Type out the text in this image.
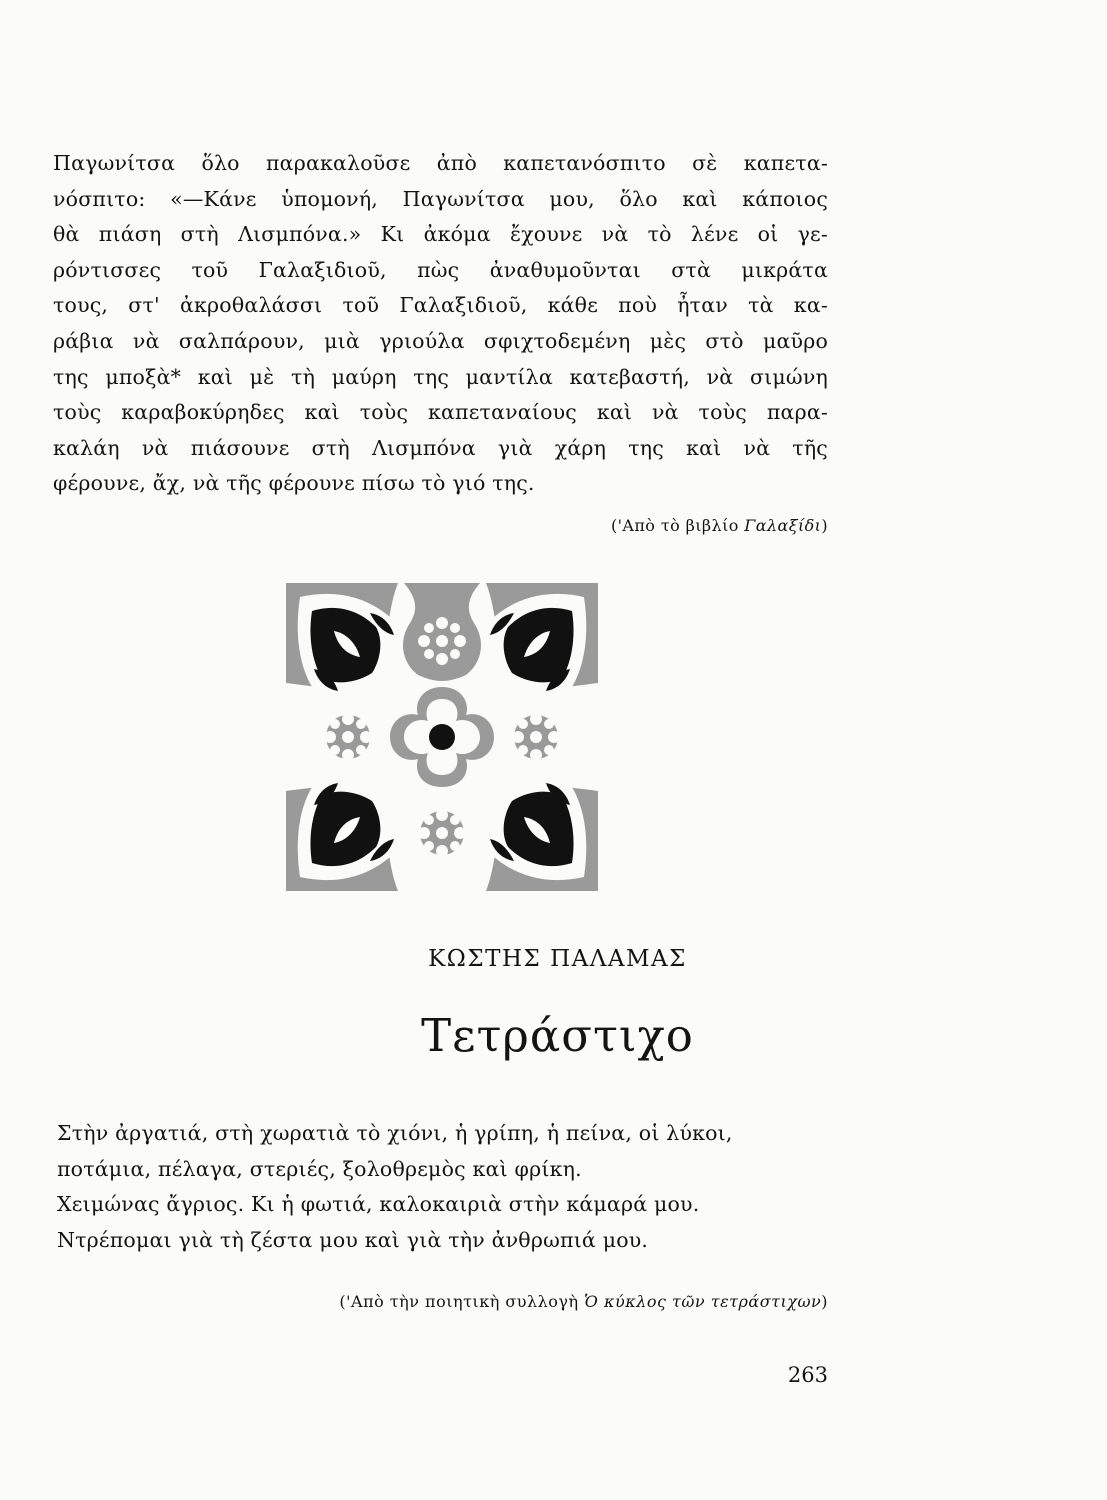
Παγωνίτσα ὅλο παρακαλοῦσε ἀπὸ καπετανόσπιτο σὲ καπετα-
νόσπιτο: «—Κάνε ὑπομονή, Παγωνίτσα μου, ὅλο καὶ κάποιος
θὰ πιάση στὴ Λισμπόνα.» Κι ἀκόμα ἔχουνε νὰ τὸ λένε οἱ γε-
ρόντισσες τοῦ Γαλαξιδιοῦ, πὼς ἀναθυμοῦνται στὰ μικράτα
τους, στ' ἀκροθαλάσσι τοῦ Γαλαξιδιοῦ, κάθε ποὺ ἦταν τὰ κα-
ράβια νὰ σαλπάρουν, μιὰ γριούλα σφιχτοδεμένη μὲς στὸ μαῦρο
της μποξὰ* καὶ μὲ τὴ μαύρη της μαντίλα κατεβαστή, νὰ σιμώνη
τοὺς καραβοκύρηδες καὶ τοὺς καπεταναίους καὶ νὰ τοὺς παρα-
καλάη νὰ πιάσουνε στὴ Λισμπόνα γιὰ χάρη της καὶ νὰ τῆς
φέρουνε, ἄχ, νὰ τῆς φέρουνε πίσω τὸ γιό της.
('Απὸ τὸ βιβλίο Γαλαξίδι)
ΚΩΣΤΗΣ ΠΑΛΑΜΑΣ
Τετράστιχο
Στὴν ἀργατιά, στὴ χωρατιὰ τὸ χιόνι, ἡ γρίπη, ἡ πείνα, οἱ λύκοι,
ποτάμια, πέλαγα, στεριές, ξολοθρεμὸς καὶ φρίκη.
Χειμώνας ἄγριος. Κι ἡ φωτιά, καλοκαιριὰ στὴν κάμαρά μου.
Ντρέπομαι γιὰ τὴ ζέστα μου καὶ γιὰ τὴν ἀνθρωπιά μου.
('Απὸ τὴν ποιητικὴ συλλογὴ Ὁ κύκλος τῶν τετράστιχων)
263
